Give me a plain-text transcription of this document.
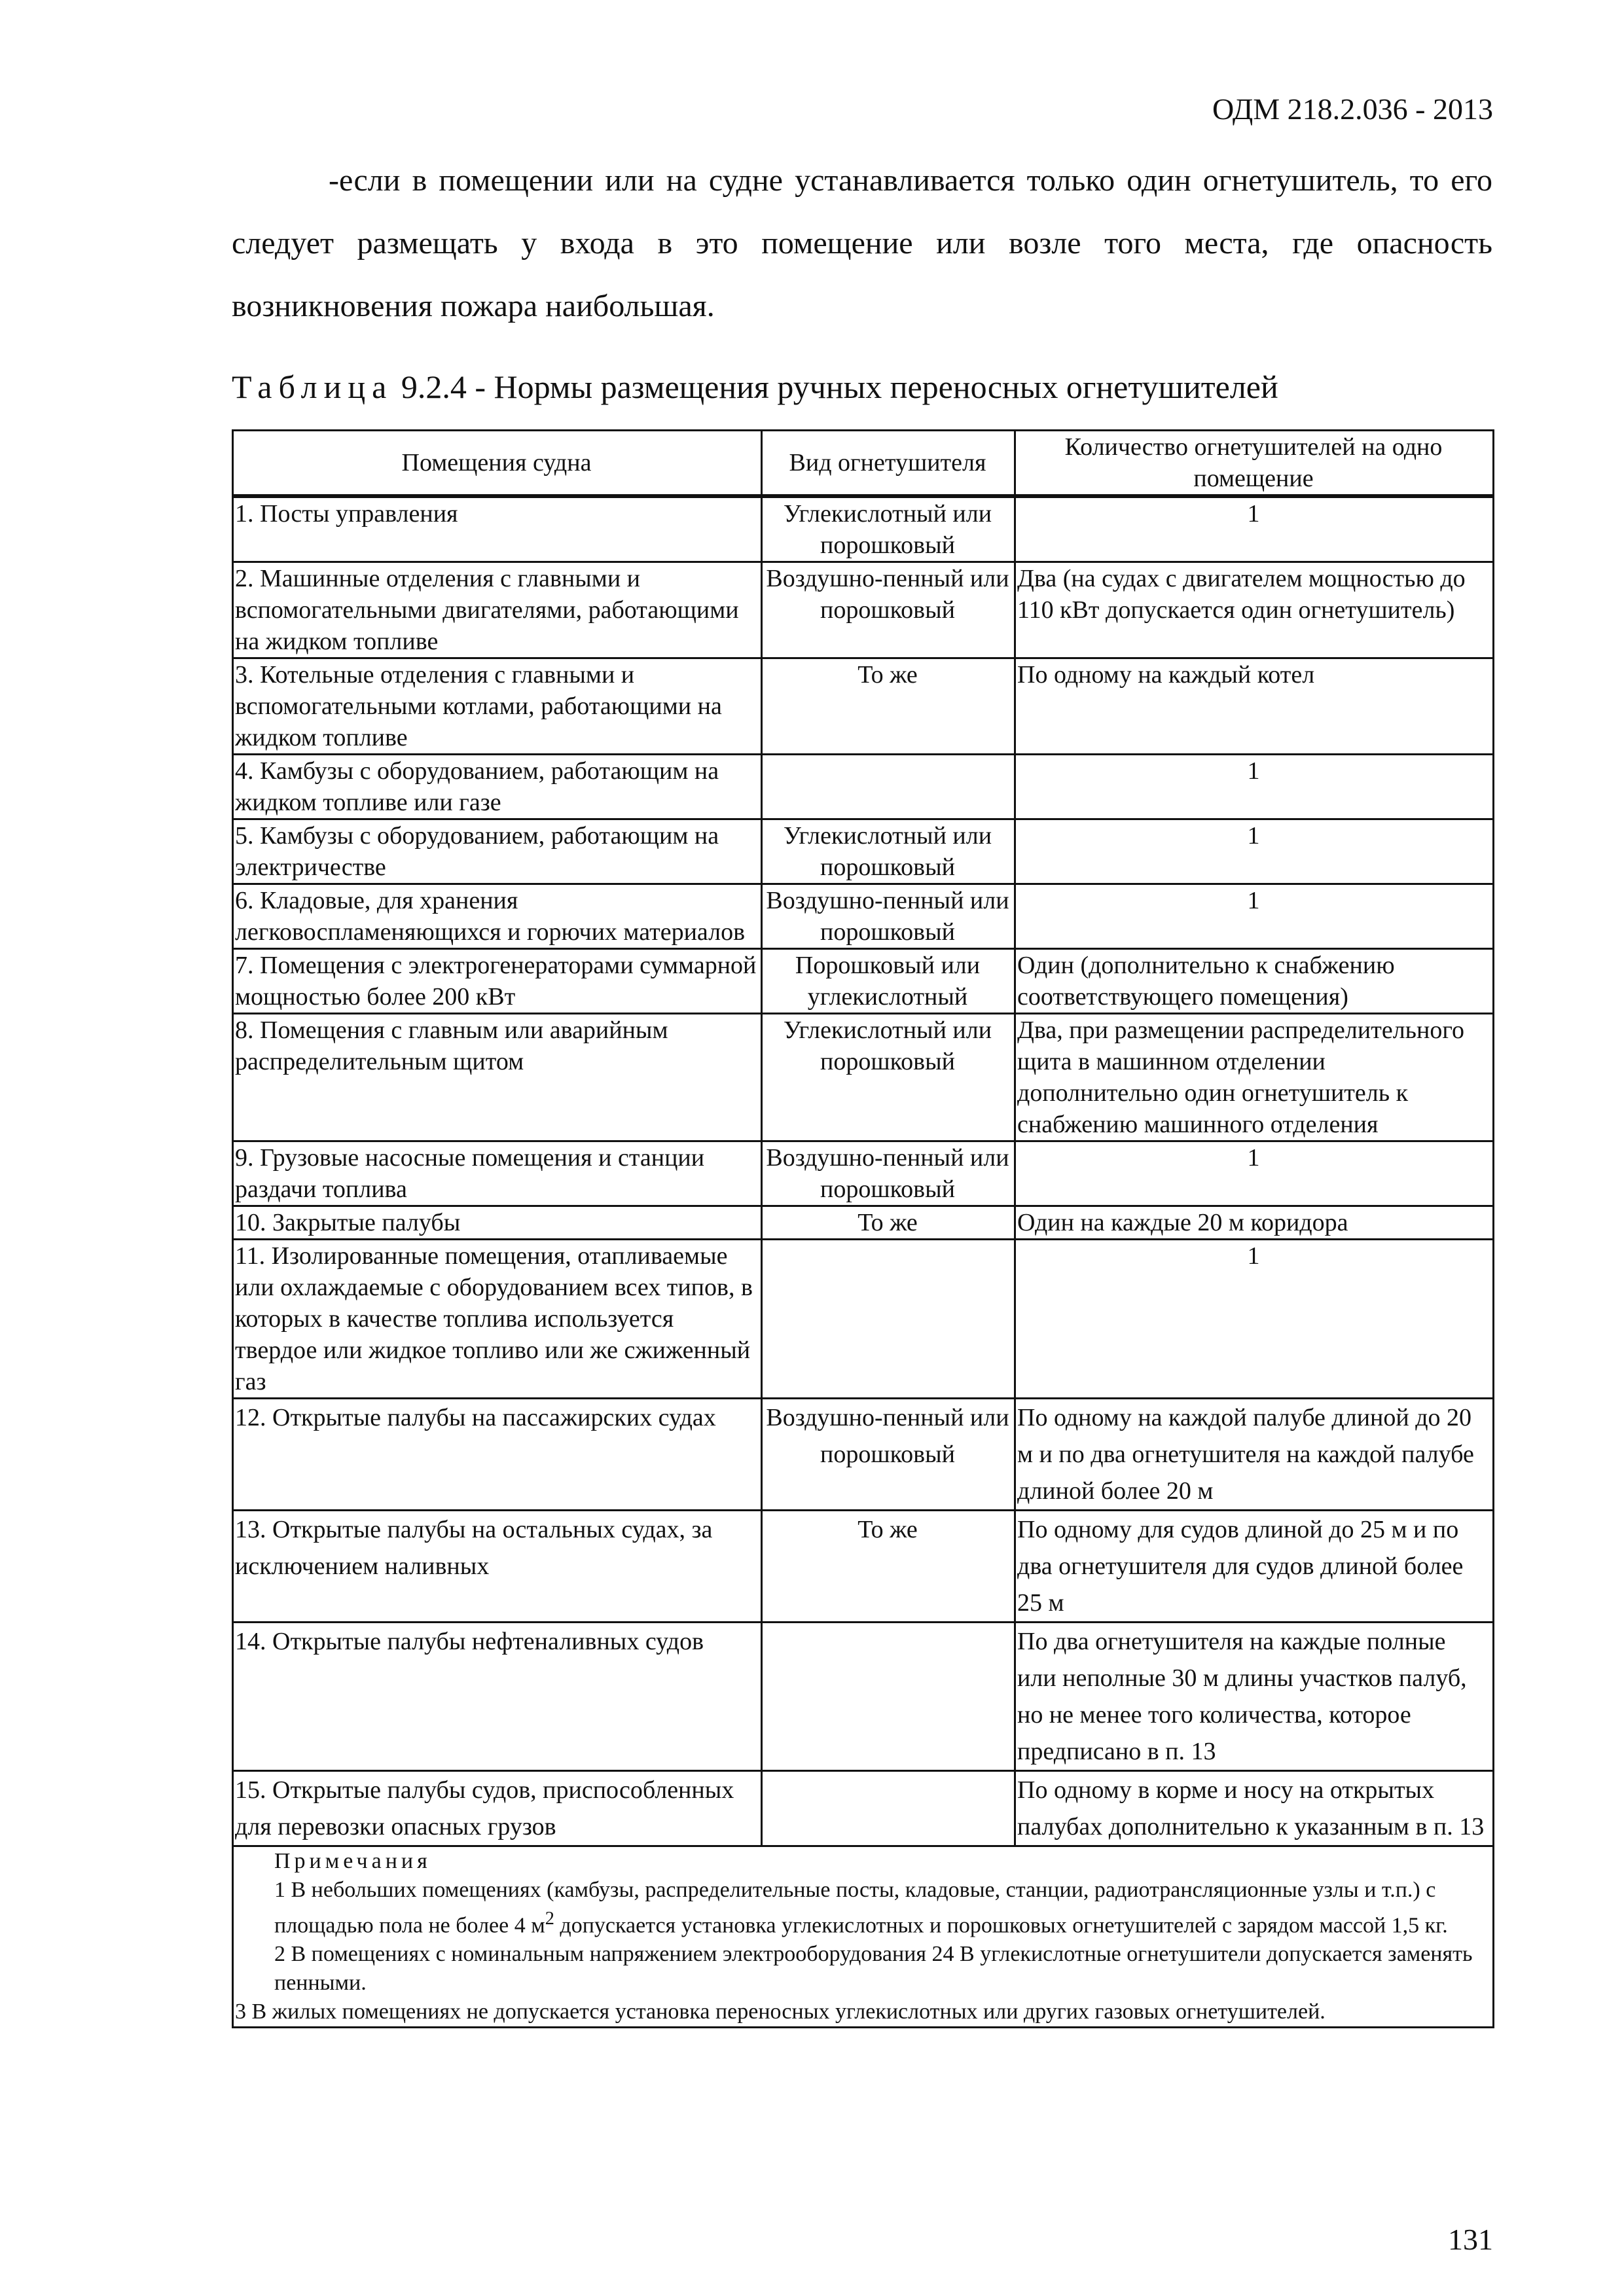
ОДМ 218.2.036 - 2013

-если в помещении или на судне устанавливается только один огнетушитель, то его следует размещать у входа в это помещение или возле того места, где опасность возникновения пожара наибольшая.

Таблица 9.2.4 - Нормы размещения ручных переносных огнетушителей
Помещения судна	Вид огнетушителя	Количество огнетушителей на одно помещение
1. Посты управления	Углекислотный или порошковый	1
2. Машинные отделения с главными и вспомогательными двигателями, работающими на жидком топливе	Воздушно-пенный или порошковый	Два (на судах с двигателем мощностью до 110 кВт допускается один огнетушитель)
3. Котельные отделения с главными и вспомогательными котлами, работающими на жидком топливе	То же	По одному на каждый котел
4. Камбузы с оборудованием, работающим на жидком топливе или газе		1
5. Камбузы с оборудованием, работающим на электричестве	Углекислотный или порошковый	1
6. Кладовые, для хранения легковоспламеняющихся и горючих материалов	Воздушно-пенный или порошковый	1
7. Помещения с электрогенераторами суммарной мощностью более 200 кВт	Порошковый или углекислотный	Один (дополнительно к снабжению соответствующего помещения)
8. Помещения с главным или аварийным распределительным щитом	Углекислотный или порошковый	Два, при размещении распределительного щита в машинном отделении дополнительно один огнетушитель к снабжению машинного отделения
9. Грузовые насосные помещения и станции раздачи топлива	Воздушно-пенный или порошковый	1
10. Закрытые палубы	То же	Один на каждые 20 м коридора
11. Изолированные помещения, отапливаемые или охлаждаемые с оборудованием всех типов, в которых в качестве топлива используется твердое или жидкое топливо или же сжиженный газ		1
12. Открытые палубы на пассажирских судах	Воздушно-пенный или порошковый	По одному на каждой палубе длиной до 20 м и по два огнетушителя на каждой палубе длиной более 20 м
13. Открытые палубы на остальных судах, за исключением наливных	То же	По одному для судов длиной до 25 м и по два огнетушителя для судов длиной более 25 м
14. Открытые палубы нефтеналивных судов		По два огнетушителя на каждые полные или неполные 30 м длины участков палуб, но не менее того количества, которое предписано в п. 13
15. Открытые палубы судов, приспособленных для перевозки опасных грузов		По одному в корме и носу на открытых палубах дополнительно к указанным в п. 13

Примечания
1 В небольших помещениях (камбузы, распределительные посты, кладовые, станции, радиотрансляционные узлы и т.п.) с площадью пола не более 4 $м^2$ допускается установка углекислотных и порошковых огнетушителей с зарядом массой 1,5 кг.
2 В помещениях с номинальным напряжением электрооборудования 24 В углекислотные огнетушители допускается заменять пенными.
3 В жилых помещениях не допускается установка переносных углекислотных или других газовых огнетушителей.		
131
